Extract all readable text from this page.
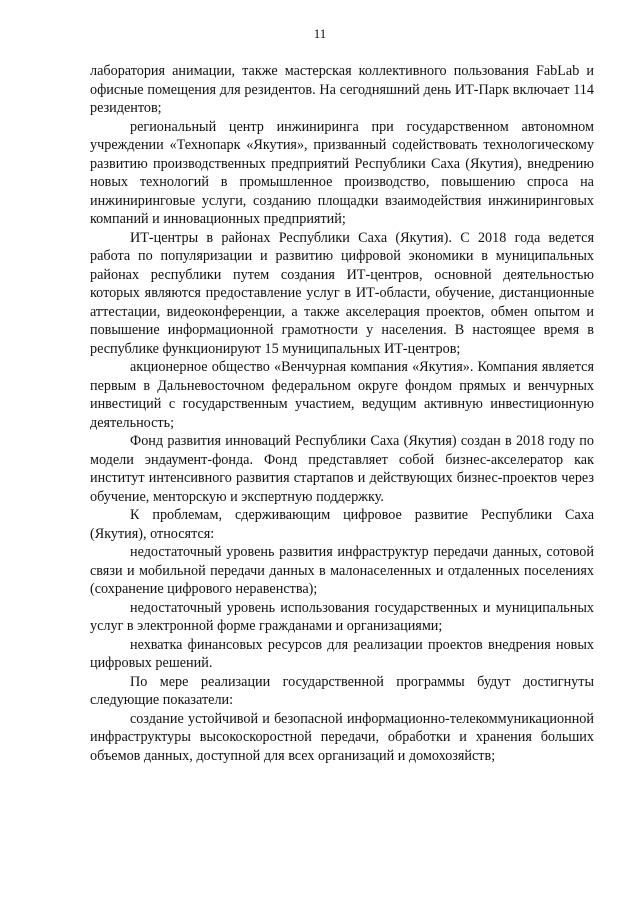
11

лаборатория анимации, также мастерская коллективного пользования FabLab и офисные помещения для резидентов. На сегодняшний день ИТ-Парк включает 114 резидентов;

региональный центр инжиниринга при государственном автономном учреждении «Технопарк «Якутия», призванный содействовать технологическому развитию производственных предприятий Республики Саха (Якутия), внедрению новых технологий в промышленное производство, повышению спроса на инжиниринговые услуги, созданию площадки взаимодействия инжиниринговых компаний и инновационных предприятий;

ИТ-центры в районах Республики Саха (Якутия). С 2018 года ведется работа по популяризации и развитию цифровой экономики в муниципальных районах республики путем создания ИТ-центров, основной деятельностью которых являются предоставление услуг в ИТ-области, обучение, дистанционные аттестации, видеоконференции, а также акселерация проектов, обмен опытом и повышение информационной грамотности у населения. В настоящее время в республике функционируют 15 муниципальных ИТ-центров;

акционерное общество «Венчурная компания «Якутия». Компания является первым в Дальневосточном федеральном округе фондом прямых и венчурных инвестиций с государственным участием, ведущим активную инвестиционную деятельность;

Фонд развития инноваций Республики Саха (Якутия) создан в 2018 году по модели эндаумент-фонда. Фонд представляет собой бизнес-акселератор как институт интенсивного развития стартапов и действующих бизнес-проектов через обучение, менторскую и экспертную поддержку.

К проблемам, сдерживающим цифровое развитие Республики Саха (Якутия), относятся:

недостаточный уровень развития инфраструктур передачи данных, сотовой связи и мобильной передачи данных в малонаселенных и отдаленных поселениях (сохранение цифрового неравенства);

недостаточный уровень использования государственных и муниципальных услуг в электронной форме гражданами и организациями;

нехватка финансовых ресурсов для реализации проектов внедрения новых цифровых решений.

По мере реализации государственной программы будут достигнуты следующие показатели:

создание устойчивой и безопасной информационно-телекоммуникационной инфраструктуры высокоскоростной передачи, обработки и хранения больших объемов данных, доступной для всех организаций и домохозяйств;
